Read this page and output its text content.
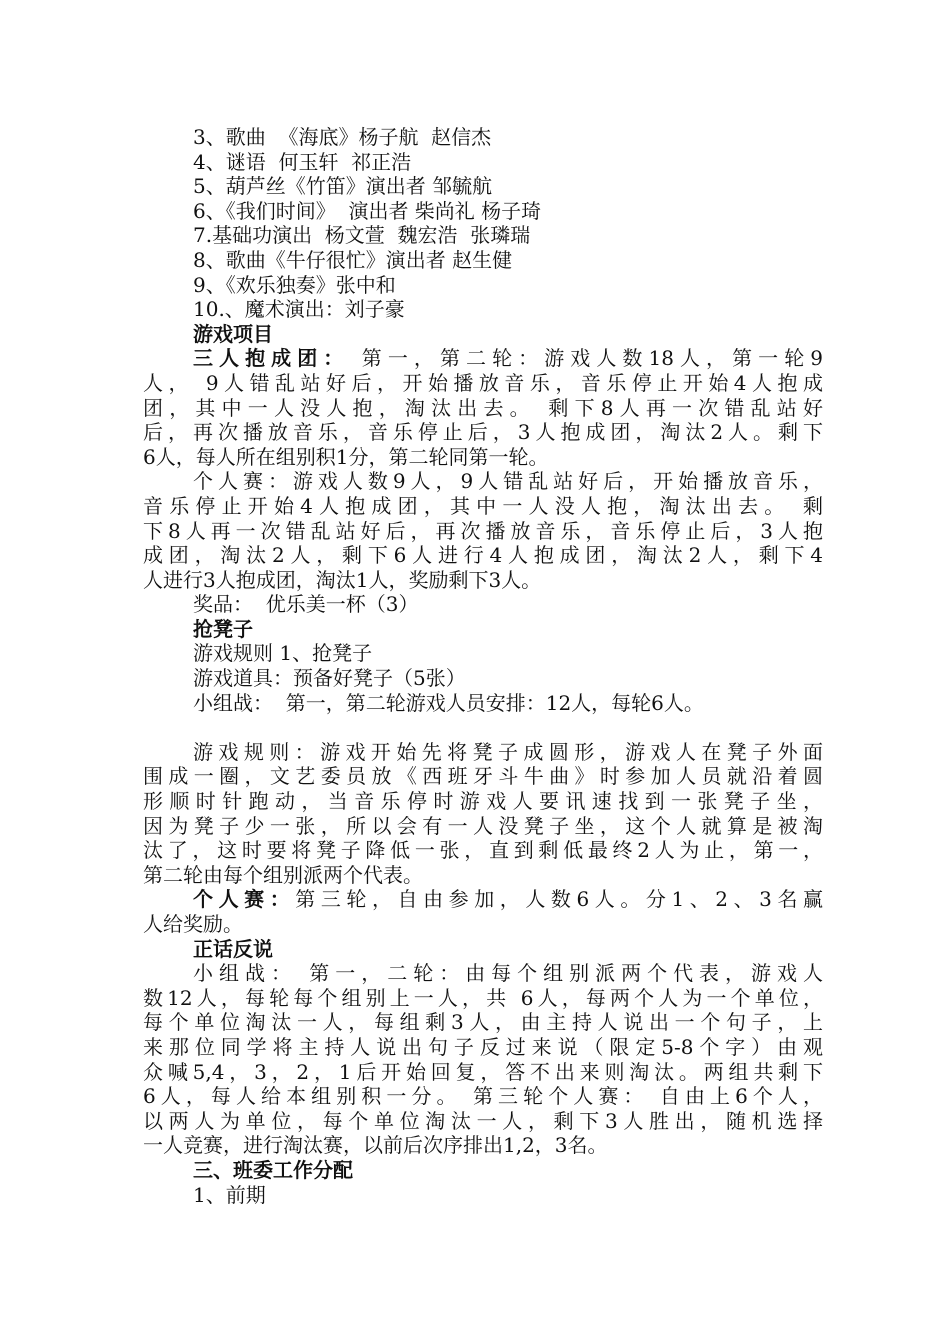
3、歌曲  《海底》杨子航  赵信杰
4、谜语  何玉轩  祁正浩
5、葫芦丝《竹笛》演出者 邹毓航
6、《我们时间》  演出者 柴尚礼 杨子琦
7.基础功演出  杨文萱  魏宏浩  张璘瑞
8、歌曲《牛仔很忙》演出者 赵生健
9、《欢乐独奏》张中和
10.、魔术演出：刘子豪
游戏项目
三人抱成团： 第一，第二轮：游戏人数18人，第一轮9
人， 9人错乱站好后，开始播放音乐，音乐停止开始4人抱成
团，其中一人没人抱，淘汰出去。 剩下8人再一次错乱站好
后，再次播放音乐，音乐停止后，3人抱成团，淘汰2人。剩下
6人，每人所在组别积1分，第二轮同第一轮。
个人赛：游戏人数9人，9人错乱站好后，开始播放音乐，
音乐停止开始4人抱成团，其中一人没人抱，淘汰出去。 剩
下8人再一次错乱站好后，再次播放音乐，音乐停止后，3人抱
成团，淘汰2人，剩下6人进行4人抱成团，淘汰2人，剩下4
人进行3人抱成团，淘汰1人，奖励剩下3人。
奖品：  优乐美一杯（3）
抢凳子
游戏规则 1、抢凳子
游戏道具：预备好凳子（5张）
小组战：  第一，第二轮游戏人员安排：12人，每轮6人。
游戏规则：游戏开始先将凳子成圆形，游戏人在凳子外面
围成一圈，文艺委员放《西班牙斗牛曲》时参加人员就沿着圆
形顺时针跑动，当音乐停时游戏人要讯速找到一张凳子坐，
因为凳子少一张，所以会有一人没凳子坐，这个人就算是被淘
汰了，这时要将凳子降低一张，直到剩低最终2人为止，第一，
第二轮由每个组别派两个代表。
个人赛：第三轮，自由参加，人数6人。分1、2、3名赢
人给奖励。
正话反说
小组战： 第一，二轮：由每个组别派两个代表，游戏人
数12人，每轮每个组别上一人，共 6人，每两个人为一个单位，
每个单位淘汰一人，每组剩3人，由主持人说出一个句子，上
来那位同学将主持人说出句子反过来说（限定5-8个字）由观
众喊5,4，3，2，1后开始回复，答不出来则淘汰。两组共剩下
6人，每人给本组别积一分。 第三轮个人赛： 自由上6个人，
以两人为单位，每个单位淘汰一人，剩下3人胜出，随机选择
一人竞赛，进行淘汰赛，以前后次序排出1,2，3名。
三、班委工作分配
1、前期
